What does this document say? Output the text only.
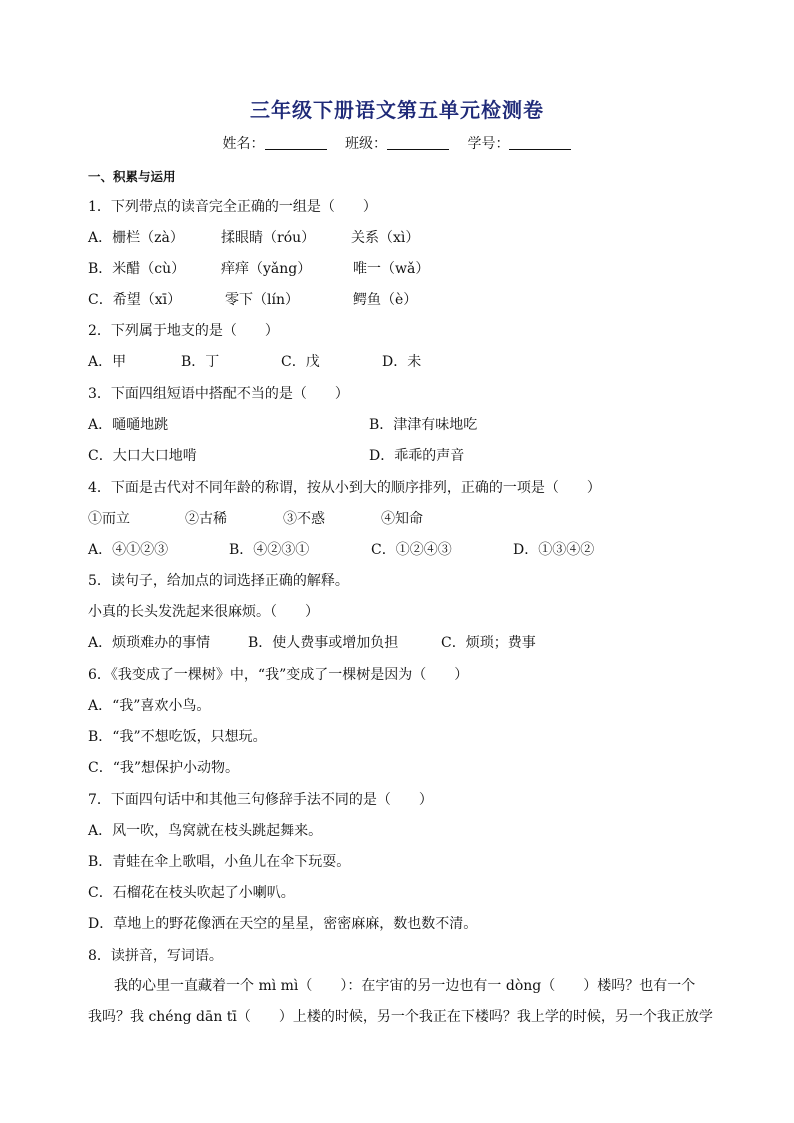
三年级下册语文第五单元检测卷
姓名：	班级：	学号：
一、积累与运用
1．下列带点的读音完全正确的一组是（　　）
A．栅栏（zà）	揉眼睛（róu）	关系（xì）
B．米醋（cù）	痒痒（yǎng）	唯一（wǎ）
C．希望（xī）	零下（lín）	鳄鱼（è）
2．下列属于地支的是（　　）
A．甲	B．丁	C．戊	D．未
3．下面四组短语中搭配不当的是（　　）
A．嗵嗵地跳	B．津津有味地吃
C．大口大口地啃	D．乖乖的声音
4．下面是古代对不同年龄的称谓，按从小到大的顺序排列，正确的一项是（　　）
①而立	②古稀	③不惑	④知命
A．④①②③	B．④②③①	C．①②④③	D．①③④②
5．读句子，给加点的词选择正确的解释。
小真的长头发洗起来很麻烦。（　　）
A．烦琐难办的事情	B．使人费事或增加负担	C．烦琐；费事
6．《我变成了一棵树》中，“我”变成了一棵树是因为（　　）
A．“我”喜欢小鸟。
B．“我”不想吃饭，只想玩。
C．“我”想保护小动物。
7．下面四句话中和其他三句修辞手法不同的是（　　）
A．风一吹，鸟窝就在枝头跳起舞来。
B．青蛙在伞上歌唱，小鱼儿在伞下玩耍。
C．石榴花在枝头吹起了小喇叭。
D．草地上的野花像洒在天空的星星，密密麻麻，数也数不清。
8．读拼音，写词语。

我的心里一直藏着一个 mì mì（　　）：在宇宙的另一边也有一 dòng（　　）楼吗？也有一个

我吗？我 chéng dān tī（　　）上楼的时候，另一个我正在下楼吗？我上学的时候，另一个我正放学
